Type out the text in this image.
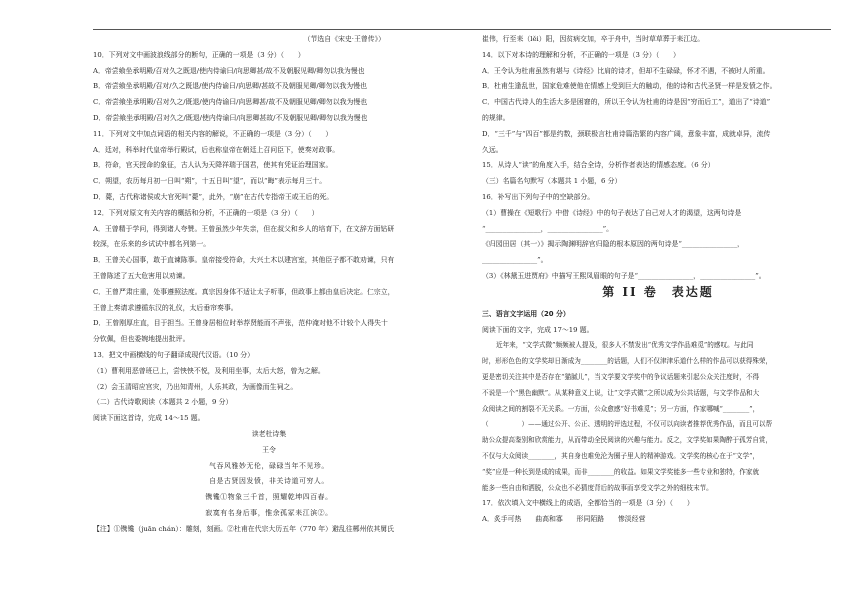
（节选自《宋史·王曾传》）
10．下列对文中画波浪线部分的断句，正确的一项是（3 分）（　　）
A．帝尝飨坐承明殿/召对久之既退/使内侍谕曰/向思卿甚/故不及朝服见卿/卿勿以我为慢也
B．帝尝飨坐承明殿/召对/久之既退/使内侍谕曰/向思卿/甚故不及朝服见卿/卿勿以我为慢也
C．帝尝飨坐承明殿/召对久之/既退/使内侍谕曰/向思卿甚/故不及朝服见卿/卿勿以我为慢也
D．帝尝飨坐承明殿/召对久之/既退/使内侍谕曰/向思卿甚故/不及朝服见卿/卿勿以我为慢也
11．下列对文中加点词语的相关内容的解说，不正确的一项是（3 分）（　　）
A．廷对，科举时代皇帝举行殿试，后也称皇帝在朝廷上召问臣下，使奏对政事。
B．符命，官天授命的象征，古人认为天降祥瑞于国君，使其有凭证治理国家。
C．朔望，农历每月初一日叫“朔”，十五日叫“望”，而以“晦”表示每月三十。
D．薨，古代称诸侯或大官死叫“薨”，此外，“崩”在古代专指帝王或王后的死。
12．下列对原文有关内容的概括和分析，不正确的一项是（3 分）（　　）
A．王曾精于学问，得到诸人夸赞。王曾虽然少年失亲，但在叔父和乡人的培育下，在文辞方面钻研
较深，在乐来的乡试试中都名列第一。
B．王曾关心国事，敢于直谏陈事。皇帝接受符命，大兴土木以建宫室，其他臣子都不敢劝谏，只有
王曾陈述了五大危害用以劝谏。
C．王曾严肃庄重，处事遵照法度。真宗因身体不适让太子听事，但政事上都由皇后决定。仁宗立，
王曾上奏请求遵循东汉的礼仪，太后垂帘奏事。
D．王曾刚厚庄直，目于担当。王曾身居相位时举荐贤能而不声张，范仲淹对他不计较个人得失十
分钦佩，但也委婉地提出批评。
13．把文中画横线的句子翻译成现代汉语。（10 分）
（1）曹利用恶曾班已上，尝怏怏不悦，及利用坐事，太后大怒，曾为之解。
（2）会玉清昭应宫灾，乃出知青州，人乐其政，为画像而生祠之。
（二）古代诗歌阅读（本题共 2 小题，9 分）
阅读下面这首诗，完成 14～15 题。
读老杜诗集
王令
气吞风雅妙无伦，碌碌当年不见珍。
自是古贤因发愤，非关诗道可穷人。
镌镵①物象三千首，照耀乾坤四百春。
寂寞有名身后事，惟余孤冢耒江滨②。
【注】①镌镵（juān chán）：雕刻，刻画。②杜甫在代宗大历五年（770 年）避乱往郴州依其舅氏
崔伟，行至耒（lěi）阳，因贫病交加，卒于舟中，当时草草葬于耒江边。
14．以下对本诗的理解和分析，不正确的一项是（3 分）（　　）
A．王令认为杜甫虽然有堪与《诗经》比肩的诗才，但却不生碌碌，怀才不遇，不被时人所重。
B．杜甫生逢乱世，国家危难使他在情感上受到巨大的触动，他的诗和古代圣贤一样是发愤之作。
C．中国古代诗人的生活大多是困窘的，所以王令认为杜甫的诗是因“穷而后工”，道出了“诗道”
的规律。
D．“三千”与“四百”都是约数，颈联极言杜甫诗篇浩繁的内容广阔，意象丰富，成就卓异，流传
久远。
15．从诗人“读”的角度入手，结合全诗，分析作者表达的情感态度。（6 分）
（三）名篇名句默写（本题共 1 小题，6 分）
16．补写出下列句子中的空缺部分。
（1）曹操在《短歌行》中借《诗经》中的句子表达了自己对人才的渴望，这两句诗是
“________________，________________”。
《归园田居（其一）》揭示陶渊明辞官归隐的根本原因的两句诗是“________________，
________________”。
（3）《林黛玉进贾府》中描写王熙凤眉眼的句子是“________________，________________”。
第 II 卷　表达题
三、语言文字运用（20 分）
阅读下面的文字，完成 17～19 题。
近年来，“文学式微”频频被人提及，很多人不禁发出“优秀文学作品难觅”的感叹。与此同
时，形形色色的文学奖却日渐成为________的话题，人们不仅津津乐道什么样的作品可以获得殊荣，
更是密切关注其中是否存在“猫腻儿”，当文学要文学奖中的争议话题来引起公众关注度时，不得
不说是一个“黑色幽默”。从某种意义上说，让“文学式微”之所以成为公共话题，与文学作品和大
众阅读之间的割裂不无关系。一方面，公众愈感“好书难觅”；另一方面，作家哪喊“________”，
（　　　　　）——通过公开、公正、透明的评选过程，不仅可以向读者推荐优秀作品，而且可以帮
助公众提高鉴别和欣赏能力，从而带动全民阅读的兴趣与能力。反之，文学奖如果陶醉于孤芳自赏，
不仅与大众阅读________，其自身也难免沦为圈子里人的精神游戏。文学奖的核心在于“文学”，
“奖”应是一种长到是成的成果，而非________的收益。如果文学奖能多一些专业和独特，作家就
能多一些自由和洒脱，公众也不必猜度背后的故事而享受文学之外的细枝末节。
17．依次填入文中横线上的成语，全都恰当的一项是（3 分）（　　）
A．炙手可热　　曲高和寡　　形同陌路　　惨淡经营
